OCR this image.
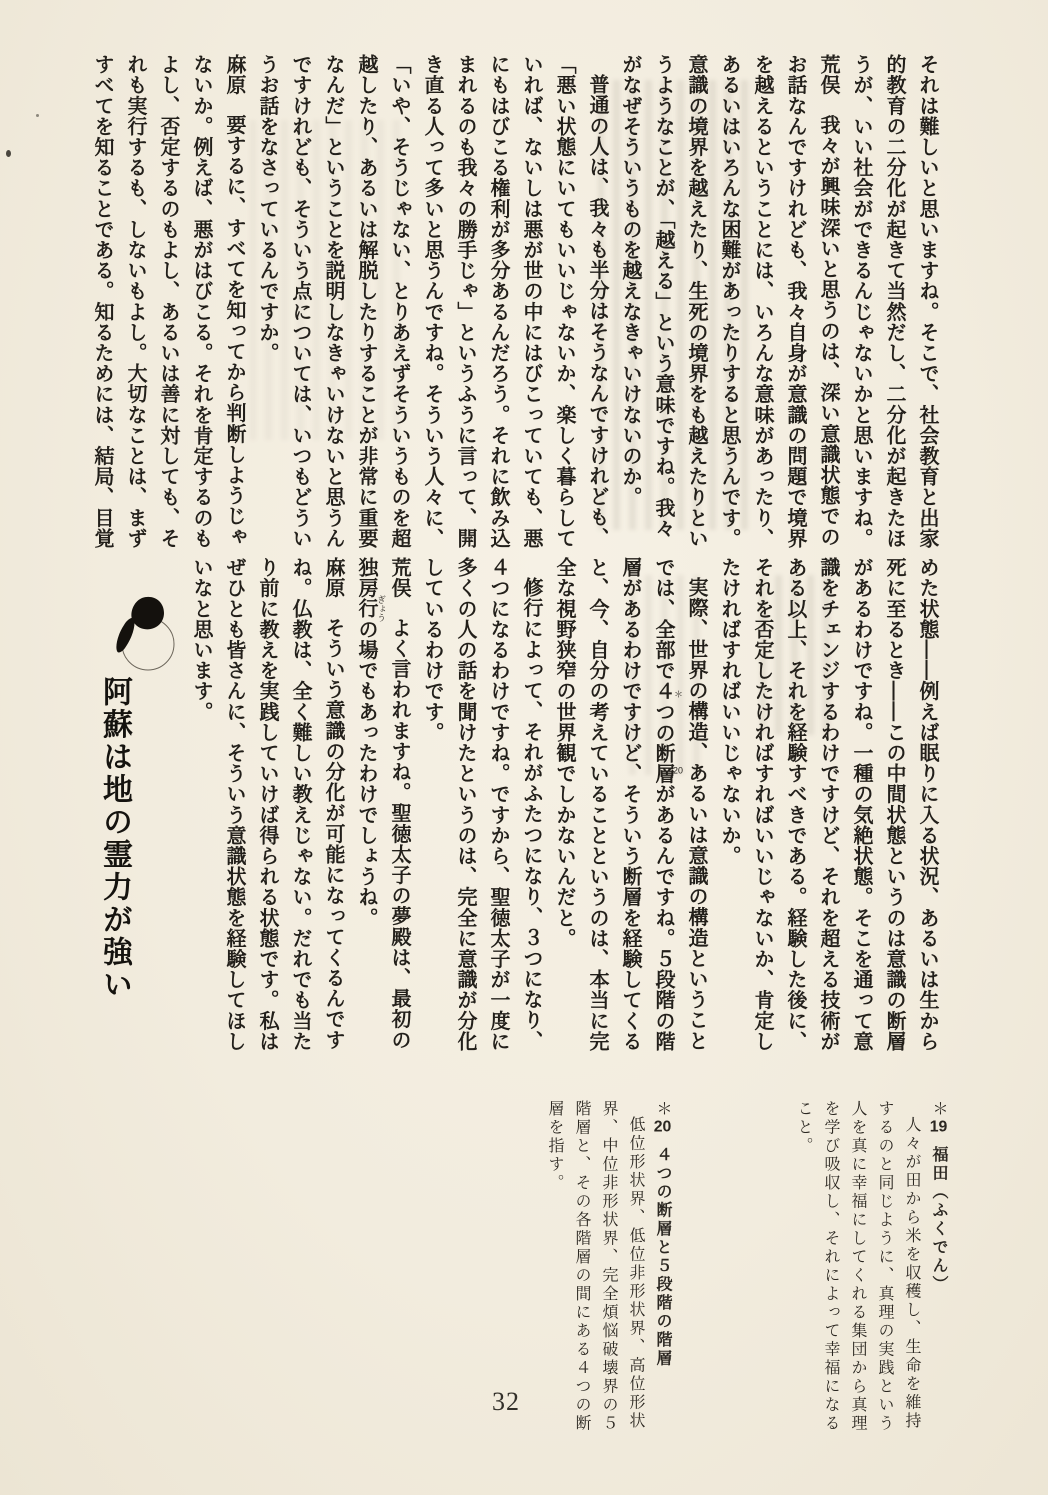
それは難しいと思いますね。そこで、社会教育と出家的教育の二分化が起きて当然だし、二分化が起きたほうが、いい社会ができるんじゃないかと思いますね。

荒俣我々が興味深いと思うのは、深い意識状態でのお話なんですけれども、我々自身が意識の問題で境界を越えるということには、いろんな意味があったり、あるいはいろんな困難があったりすると思うんです。意識の境界を越えたり、生死の境界をも越えたりというようなことが、「越える」という意味ですね。我々がなぜそういうものを越えなきゃいけないのか。

普通の人は、我々も半分はそうなんですけれども、「悪い状態にいてもいいじゃないか、楽しく暮らしていれば、ないしは悪が世の中にはびこっていても、悪にもはびこる権利が多分あるんだろう。それに飲み込まれるのも我々の勝手じゃ」というふうに言って、開き直る人って多いと思うんですね。そういう人々に、「いや、そうじゃない、とりあえずそういうものを超越したり、あるいは解脱したりすることが非常に重要なんだ」ということを説明しなきゃいけないと思うんですけれども、そういう点については、いつもどういうお話をなさっているんですか。

麻原要するに、すべてを知ってから判断しようじゃないか。例えば、悪がはびこる。それを肯定するのもよし、否定するのもよし、あるいは善に対しても、それも実行するも、しないもよし。大切なことは、まずすべてを知ることである。知るためには、結局、目覚

めた状態——例えば眠りに入る状況、あるいは生から死に至るとき——この中間状態というのは意識の断層があるわけですね。一種の気絶状態。そこを通って意識をチェンジするわけですけど、それを超える技術がある以上、それを経験すべきである。経験した後に、それを否定したければすればいいじゃないか、肯定したければすればいいじゃないか。

実際、世界の構造、あるいは意識の構造ということでは、全部で４つの断層 ＊20があるんですね。５段階の階層があるわけですけど、そういう断層を経験してくると、今、自分の考えていることというのは、本当に完全な視野狭窄の世界観でしかないんだと。

修行によって、それがふたつになり、３つになり、４つになるわけですね。ですから、聖徳太子が一度に多くの人の話を聞けたというのは、完全に意識が分化しているわけです。

荒俣よく言われますね。聖徳太子の夢殿は、最初の独房行 ぎょうの場でもあったわけでしょうね。

麻原そういう意識の分化が可能になってくるんですね。仏教は、全く難しい教えじゃない。だれでも当たり前に教えを実践していけば得られる状態です。私はぜひとも皆さんに、そういう意識状態を経験してほしいなと思います。

阿蘇は地の霊力が強い

＊19福田（ふくでん）

人々が田から米を収穫し、生命を維持するのと同じように、真理の実践という人を真に幸福にしてくれる集団から真理を学び吸収し、それによって幸福になること。

＊20４つの断層と５段階の階層

低位形状界、低位非形状界、高位形状界、中位非形状界、完全煩悩破壊界の５階層と、その各階層の間にある４つの断層を指す。

32
